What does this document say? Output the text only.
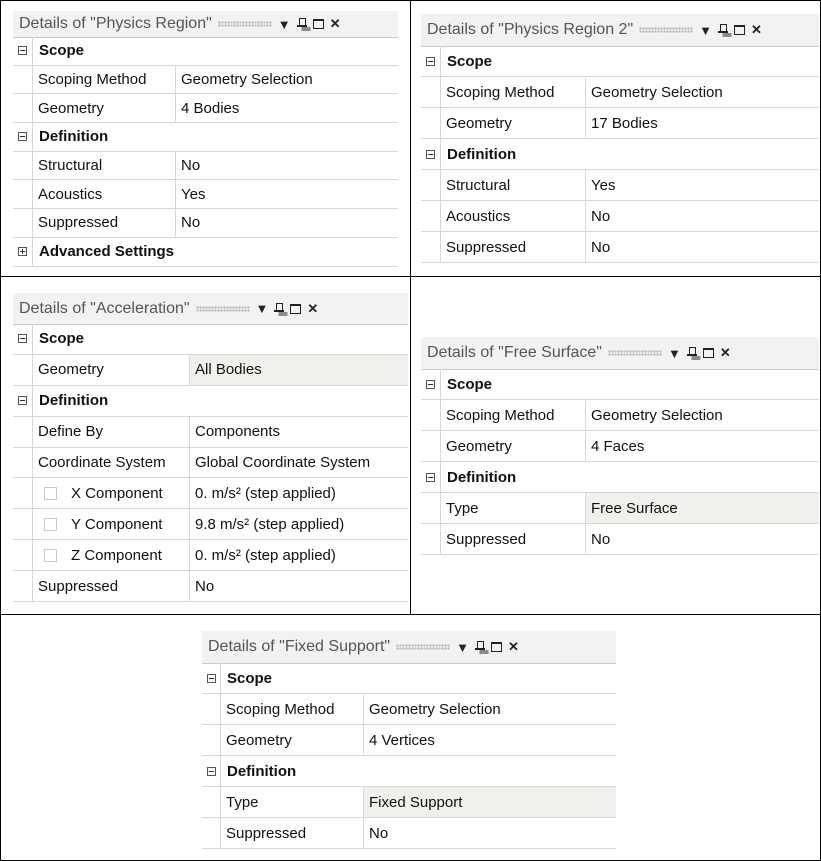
Details of "Physics Region"	▼	✕
Scope
Scoping Method	Geometry Selection
Geometry	4 Bodies
Definition
Structural	No
Acoustics	Yes
Suppressed	No
Advanced Settings
Details of "Physics Region 2"	▼	✕
Scope
Scoping Method	Geometry Selection
Geometry	17 Bodies
Definition
Structural	Yes
Acoustics	No
Suppressed	No
Details of "Acceleration"	▼	✕
Scope
Geometry	All Bodies
Definition
Define By	Components
Coordinate System	Global Coordinate System
X Component	0. m/s² (step applied)
Y Component	9.8 m/s² (step applied)
Z Component	0. m/s² (step applied)
Suppressed	No
Details of "Free Surface"	▼	✕
Scope
Scoping Method	Geometry Selection
Geometry	4 Faces
Definition
Type	Free Surface
Suppressed	No
Details of "Fixed Support"	▼	✕
Scope
Scoping Method	Geometry Selection
Geometry	4 Vertices
Definition
Type	Fixed Support
Suppressed	No
